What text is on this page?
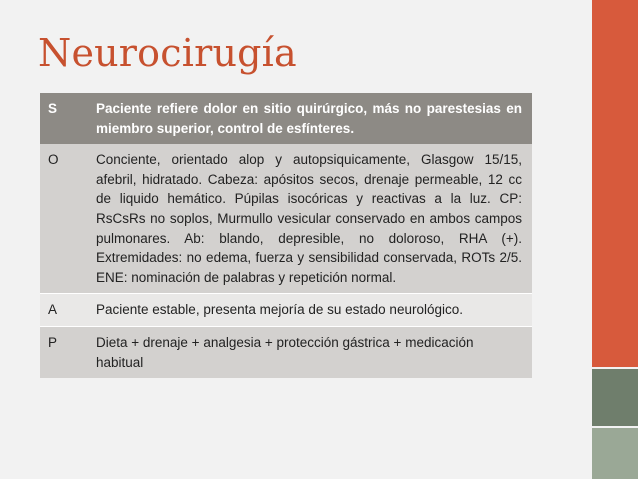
Neurocirugía
S	Paciente refiere dolor en sitio quirúrgico, más no parestesias en miembro superior, control de esfínteres.
O	Conciente, orientado alop y autopsiquicamente, Glasgow 15/15, afebril, hidratado. Cabeza: apósitos secos, drenaje permeable, 12 cc de liquido hemático. Púpilas isocóricas y reactivas a la luz. CP: RsCsRs no soplos, Murmullo vesicular conservado en ambos campos pulmonares. Ab: blando, depresible, no doloroso, RHA (+). Extremidades: no edema, fuerza y sensibilidad conservada, ROTs 2/5. ENE: nominación de palabras y repetición normal.
A	Paciente estable, presenta mejoría de su estado neurológico.
P	Dieta + drenaje + analgesia + protección gástrica + medicación habitual
